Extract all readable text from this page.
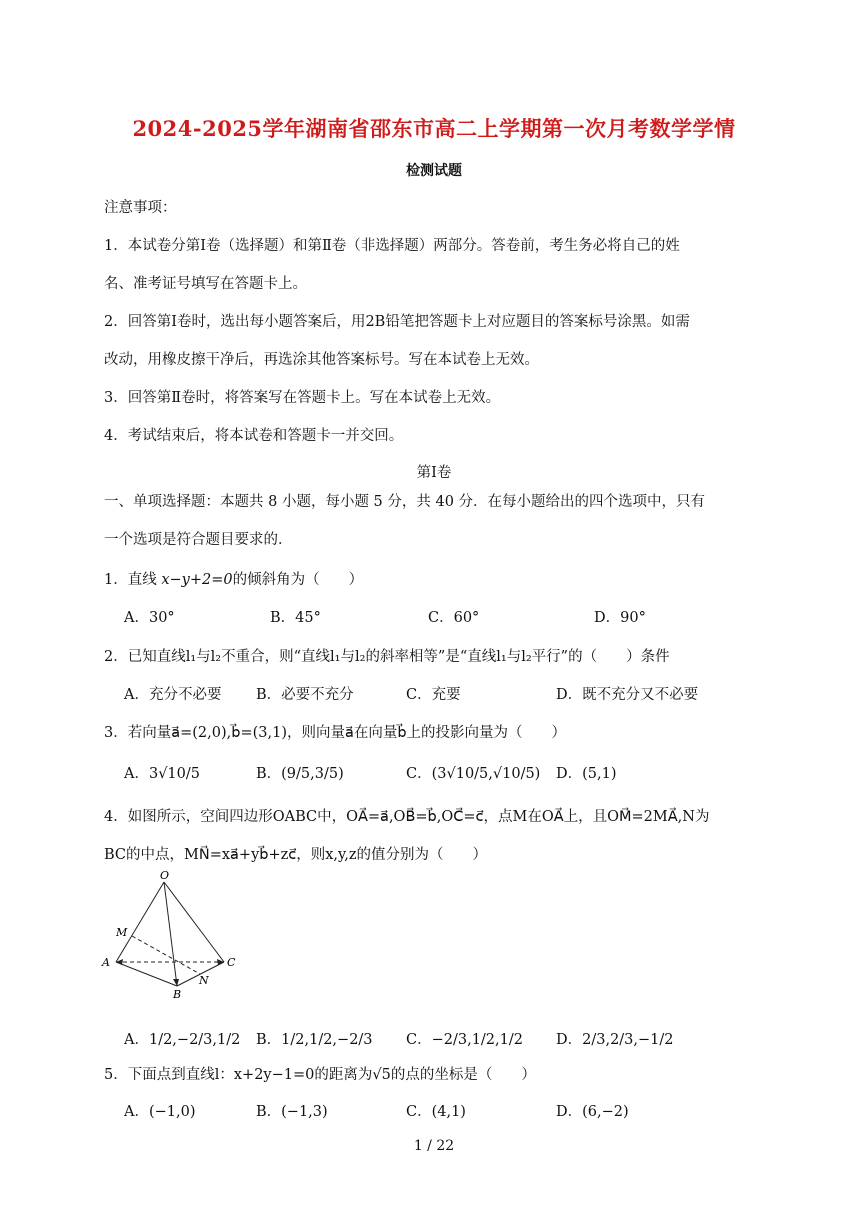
2024-2025学年湖南省邵东市高二上学期第一次月考数学学情
检测试题
注意事项：
1．本试卷分第Ⅰ卷（选择题）和第Ⅱ卷（非选择题）两部分。答卷前，考生务必将自己的姓
名、准考证号填写在答题卡上。
2．回答第Ⅰ卷时，选出每小题答案后，用2B铅笔把答题卡上对应题目的答案标号涂黑。如需
改动，用橡皮擦干净后，再选涂其他答案标号。写在本试卷上无效。
3．回答第Ⅱ卷时，将答案写在答题卡上。写在本试卷上无效。
4．考试结束后，将本试卷和答题卡一并交回。
第Ⅰ卷
一、单项选择题：本题共 8 小题，每小题 5 分，共 40 分．在每小题给出的四个选项中，只有
一个选项是符合题目要求的．
1．直线 x−y+2=0的倾斜角为（　　）
A．30°	B．45°	C．60°	D．90°
2．已知直线l₁与l₂不重合，则“直线l₁与l₂的斜率相等”是“直线l₁与l₂平行”的（　　）条件
A．充分不必要 B．必要不充分	C．充要	D．既不充分又不必要
3．若向量a⃗=(2,0),b⃗=(3,1)，则向量a⃗在向量b⃗上的投影向量为（　　）
A．3√10/5	B．(9/5,3/5)	C．(3√10/5,√10/5) D．(5,1)
4．如图所示，空间四边形OABC中，OA⃗=a⃗,OB⃗=b⃗,OC⃗=c⃗，点M在OA⃗上，且OM⃗=2MA⃗,N为
BC的中点，MN⃗=xa⃗+yb⃗+zc⃗，则x,y,z的值分别为（　　）
O
M
A
B
C
N
A．1/2,−2/3,1/2 B．1/2,1/2,−2/3 C．−2/3,1/2,1/2 D．2/3,2/3,−1/2
5．下面点到直线l：x+2y−1=0的距离为√5的点的坐标是（　　）
A．(−1,0)	B．(−1,3)	C．(4,1)	D．(6,−2)
1 / 22
